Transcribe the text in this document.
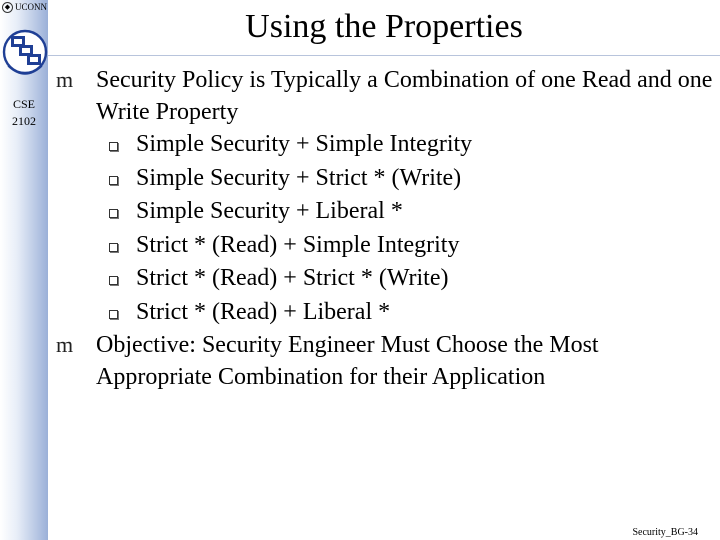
◆ UCONN
CSE
2102
Using the Properties
m Security Policy is Typically a Combination of one Read and one Write Property
Simple Security + Simple Integrity
Simple Security + Strict * (Write)
Simple Security + Liberal *
Strict * (Read) + Simple Integrity
Strict * (Read) + Strict * (Write)
Strict * (Read) + Liberal *
m Objective: Security Engineer Must Choose the Most Appropriate Combination for their Application
Security_BG-34
